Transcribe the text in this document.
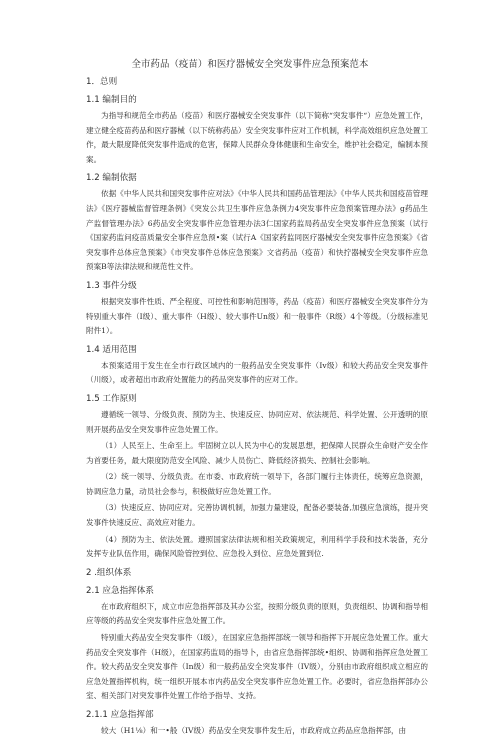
全市药品（疫苗）和医疗器械安全突发事件应急预案范本

1．总则

1.1 编制目的

为指导和规范全市药品（疫苗）和医疗器械安全突发事件（以下简称“突发事件“）应急处置工作，建立健全疫苗药品和医疗器械（以下统称药品）安全突发事件应对工作机制，科学高效组织应急处置工作，最大限度降低突发事件造成的危害，保障人民群众身体健康和生命安全，维护社会稳定，编制本预案。

1.2 编制依据

依据《中华人民共和国突发事件应对法》《中华人民共和国药品管理法》《中华人民共和国疫苗管理法》《医疗器械监督管理条例》《突发公共卫生事件应急条例力4突发事件应急预案管理办法》g药品生产监督管理办法》6药品安全突发事件应急管理办法3仁国家药监局药品安全突发事件应急预案（试行《国家药监问疫苗质量安全事件应急预•案（试行A《国家药监同医疗器械安全突发事件应急预案》《省突发事件总体应急预案》《市突发事件总体应急预案》文省药品（疫苗）和快拧器械安全突发事件应急预案B等法律法规和规范性文件。

1.3 事件分级

根据突发事件性质、严全程度、可控性和影响范围等，药品（疫苗）和医疗器械安全突发事件分为特别重大事件（I级）、重大事件（H级）、较大事件Un级）和一般事件（R级）4个等级。（分级标准见附件1）。

1.4 适用范围

本预案适用于发生在全市行政区域内的一般药品安全突发事件（Iv级）和较大药品安全突发事件（川级），或者超出市政府处置能力的药品突发事件的应对工作。

1.5 工作原则

遵循统一领导、分级负责、预防为主、快速反应、协同应对、依法规范、科学处置、公开透明的原则开展药品安全突发事件应急处置工作。

（1）人民至上、生命至上。牢固树立以人民为中心的发展思想，把保障人民群众生命财产安全作为首要任务，最大限度防范安全风险、减少人员伤亡、降低经济损失、控制社会影响。

（2）统一领导、分级负责。在市委、市政府统一领导下，各部门履行主体责任，统筹应急资源，协调应急力量，动员社会参与，积极做好应急处置工作。

（3）快速反应、协同应对。完善协调机制，加强力量建设，配备必要装备,加强应急演练，提升突发事件快速反应、高效应对能力。

（4）预防为主、依法处置。遵照国家法律法规和相关政策规定，利用科学手段和技术装备，充分发挥专业队伍作用，确保风险管控到位、应急投入到位、应急处置到位.

2 .组织体系

2.1 应急指挥体系

在市政府组织下，成立市应急指挥部及其办公室，按照分级负责的原则，负责组织、协调和指导相应等级的药品安全突发事件应急处置工作。

特别重大药品安全突发事件（I级），在国家应急指挥部统一领导和指挥下开展应急处置工作。重大药品安全突发事件（H级），在国家药监局的指导卜，由省应急指挥部统•组织、协调和指挥应急处置工作。较大药品安全突发事件（In级）和一般药品安全突发事件（IV级），分别由市政府组织成立相应的应急处置指挥机构，统一组织开展本市内药品安全突发事件应急处置工作。必要时，省应急指挥部办公室、相关部门对突发事件处置工作给予指导、支持。

2.1.1 应急指挥部

较大（H1⅛）和一•般（IV级）药品安全突发事件发生后，市政府成立药品应急指挥部，由
